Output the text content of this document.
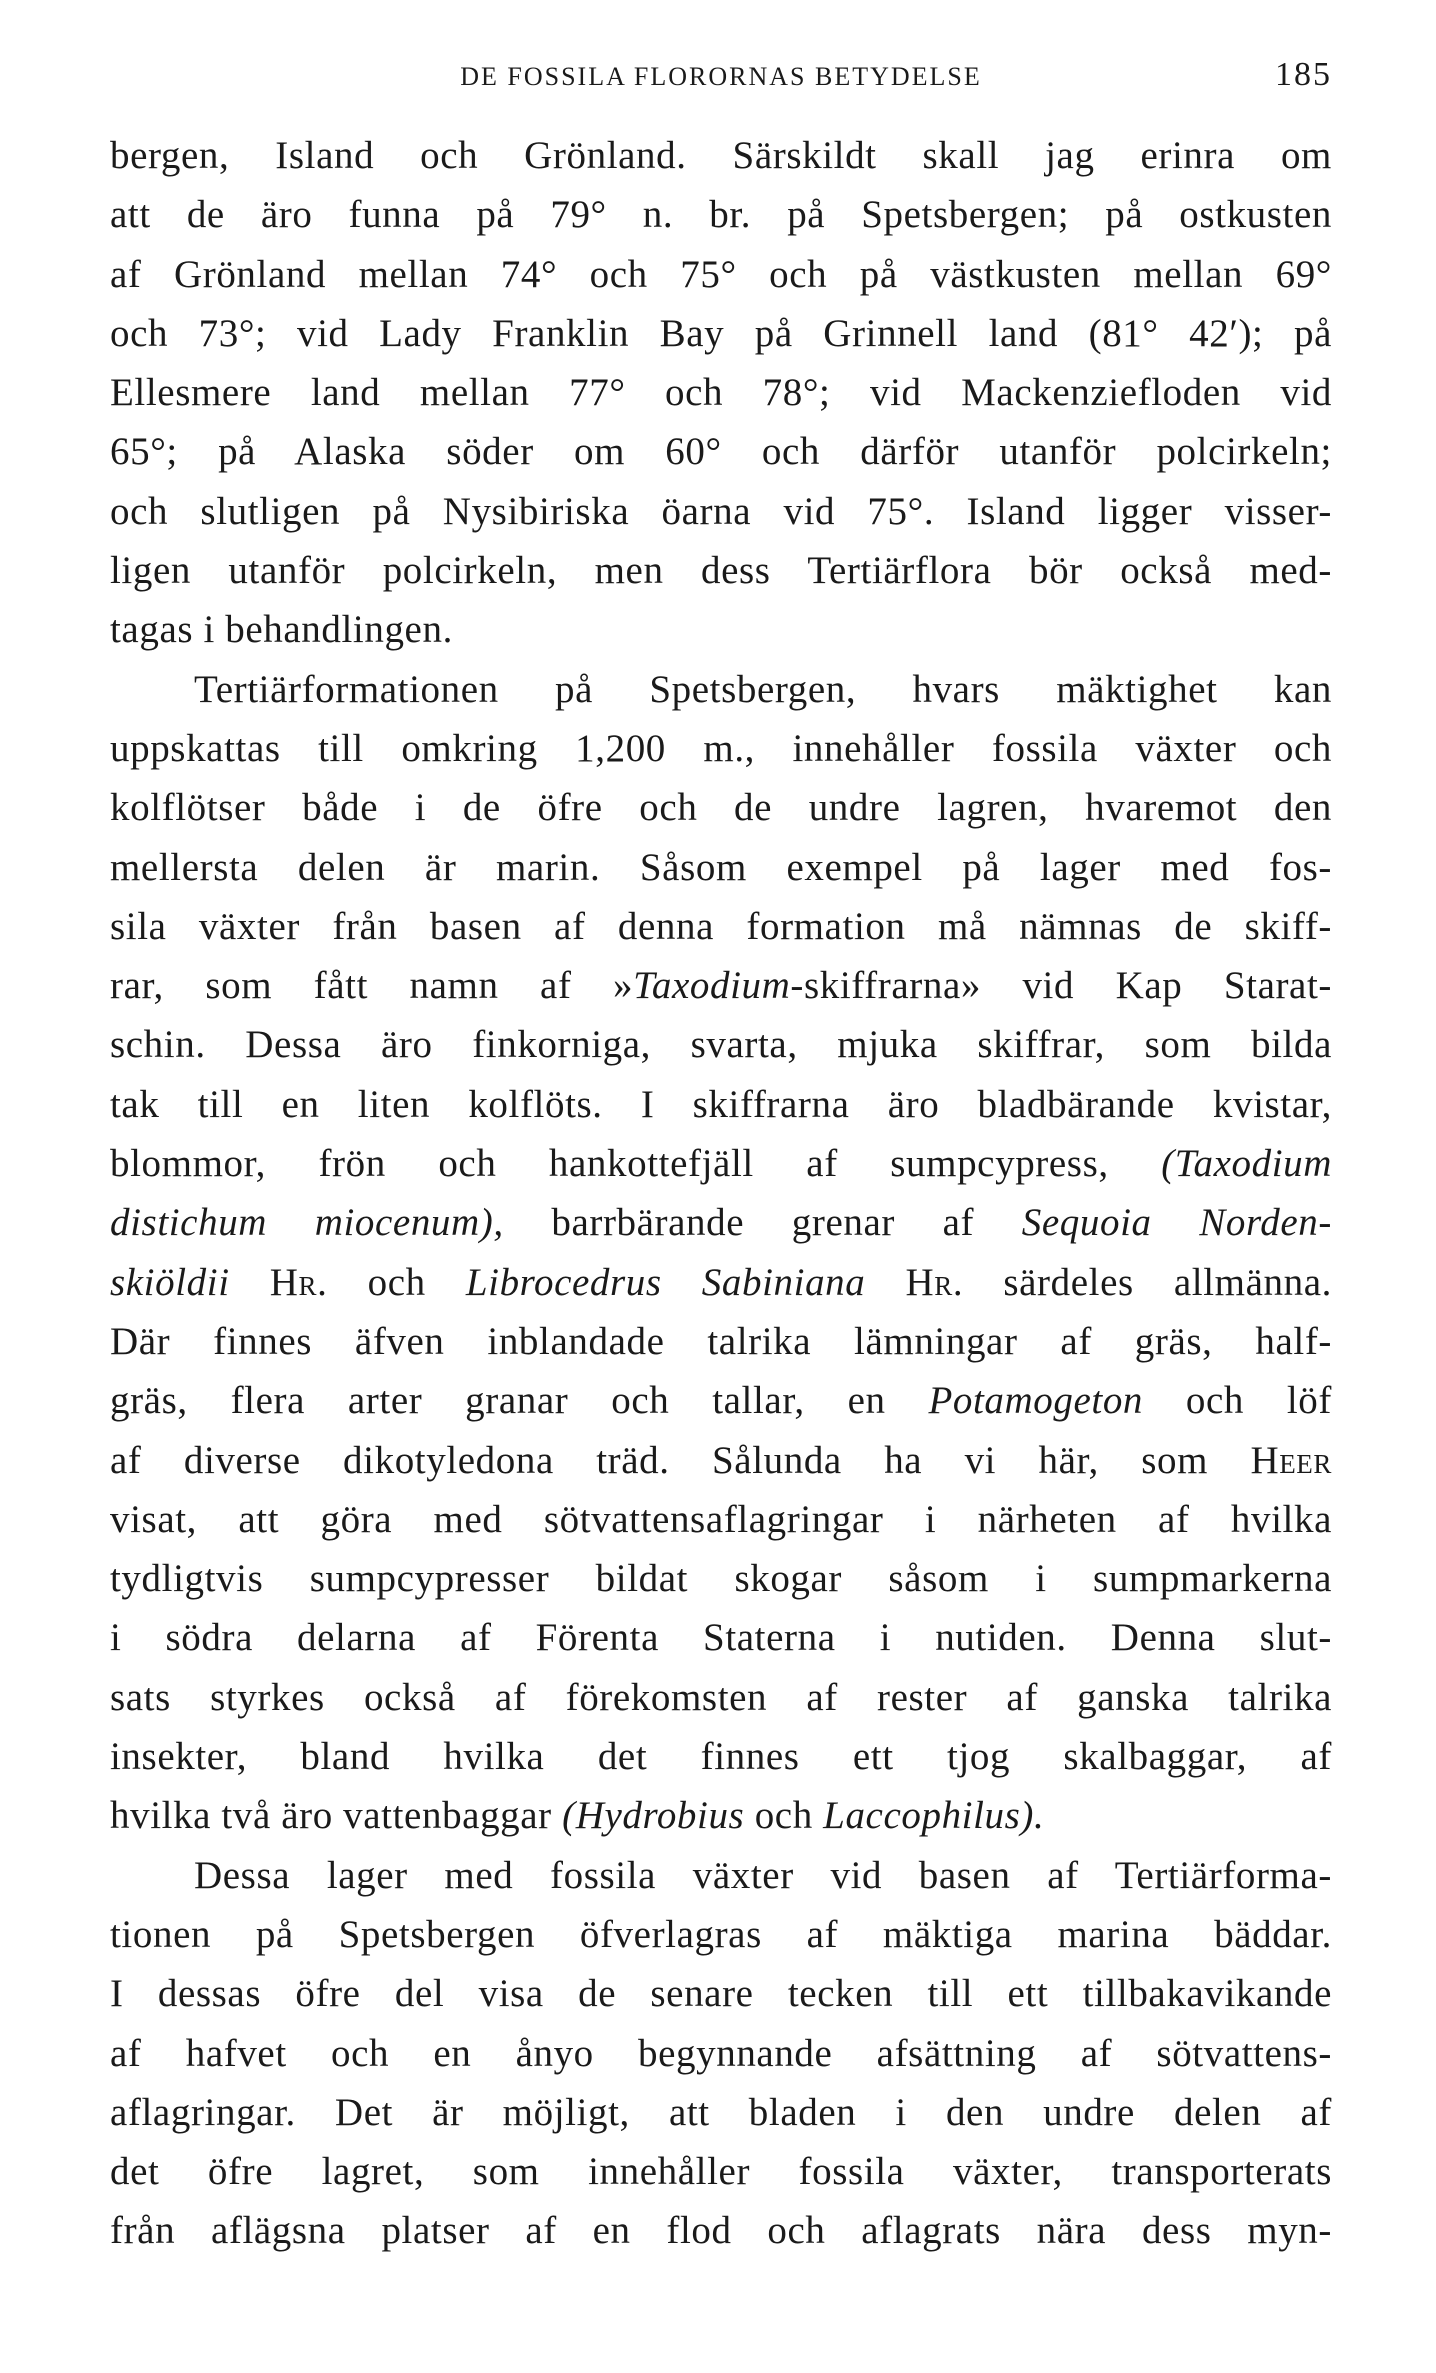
DE FOSSILA FLORORNAS BETYDELSE	185
bergen, Island och Grönland. Särskildt skall jag erinra om
att de äro funna på 79° n. br. på Spetsbergen; på ostkusten
af Grönland mellan 74° och 75° och på västkusten mellan 69°
och 73°; vid Lady Franklin Bay på Grinnell land (81° 42′); på
Ellesmere land mellan 77° och 78°; vid Mackenziefloden vid
65°; på Alaska söder om 60° och därför utanför polcirkeln;
och slutligen på Nysibiriska öarna vid 75°. Island ligger visser-
ligen utanför polcirkeln, men dess Tertiärflora bör också med-
tagas i behandlingen.
Tertiärformationen på Spetsbergen, hvars mäktighet kan
uppskattas till omkring 1,200 m., innehåller fossila växter och
kolflötser både i de öfre och de undre lagren, hvaremot den
mellersta delen är marin. Såsom exempel på lager med fos-
sila växter från basen af denna formation må nämnas de skiff-
rar, som fått namn af »Taxodium-skiffrarna» vid Kap Starat-
schin. Dessa äro finkorniga, svarta, mjuka skiffrar, som bilda
tak till en liten kolflöts. I skiffrarna äro bladbärande kvistar,
blommor, frön och hankottefjäll af sumpcypress, (Taxodium
distichum miocenum), barrbärande grenar af Sequoia Norden-
skiöldii Hr. och Librocedrus Sabiniana Hr. särdeles allmänna.
Där finnes äfven inblandade talrika lämningar af gräs, half-
gräs, flera arter granar och tallar, en Potamogeton och löf
af diverse dikotyledona träd. Sålunda ha vi här, som Heer
visat, att göra med sötvattensaflagringar i närheten af hvilka
tydligtvis sumpcypresser bildat skogar såsom i sumpmarkerna
i södra delarna af Förenta Staterna i nutiden. Denna slut-
sats styrkes också af förekomsten af rester af ganska talrika
insekter, bland hvilka det finnes ett tjog skalbaggar, af
hvilka två äro vattenbaggar (Hydrobius och Laccophilus).
Dessa lager med fossila växter vid basen af Tertiärforma-
tionen på Spetsbergen öfverlagras af mäktiga marina bäddar.
I dessas öfre del visa de senare tecken till ett tillbakavikande
af hafvet och en ånyo begynnande afsättning af sötvattens-
aflagringar. Det är möjligt, att bladen i den undre delen af
det öfre lagret, som innehåller fossila växter, transporterats
från aflägsna platser af en flod och aflagrats nära dess myn-
